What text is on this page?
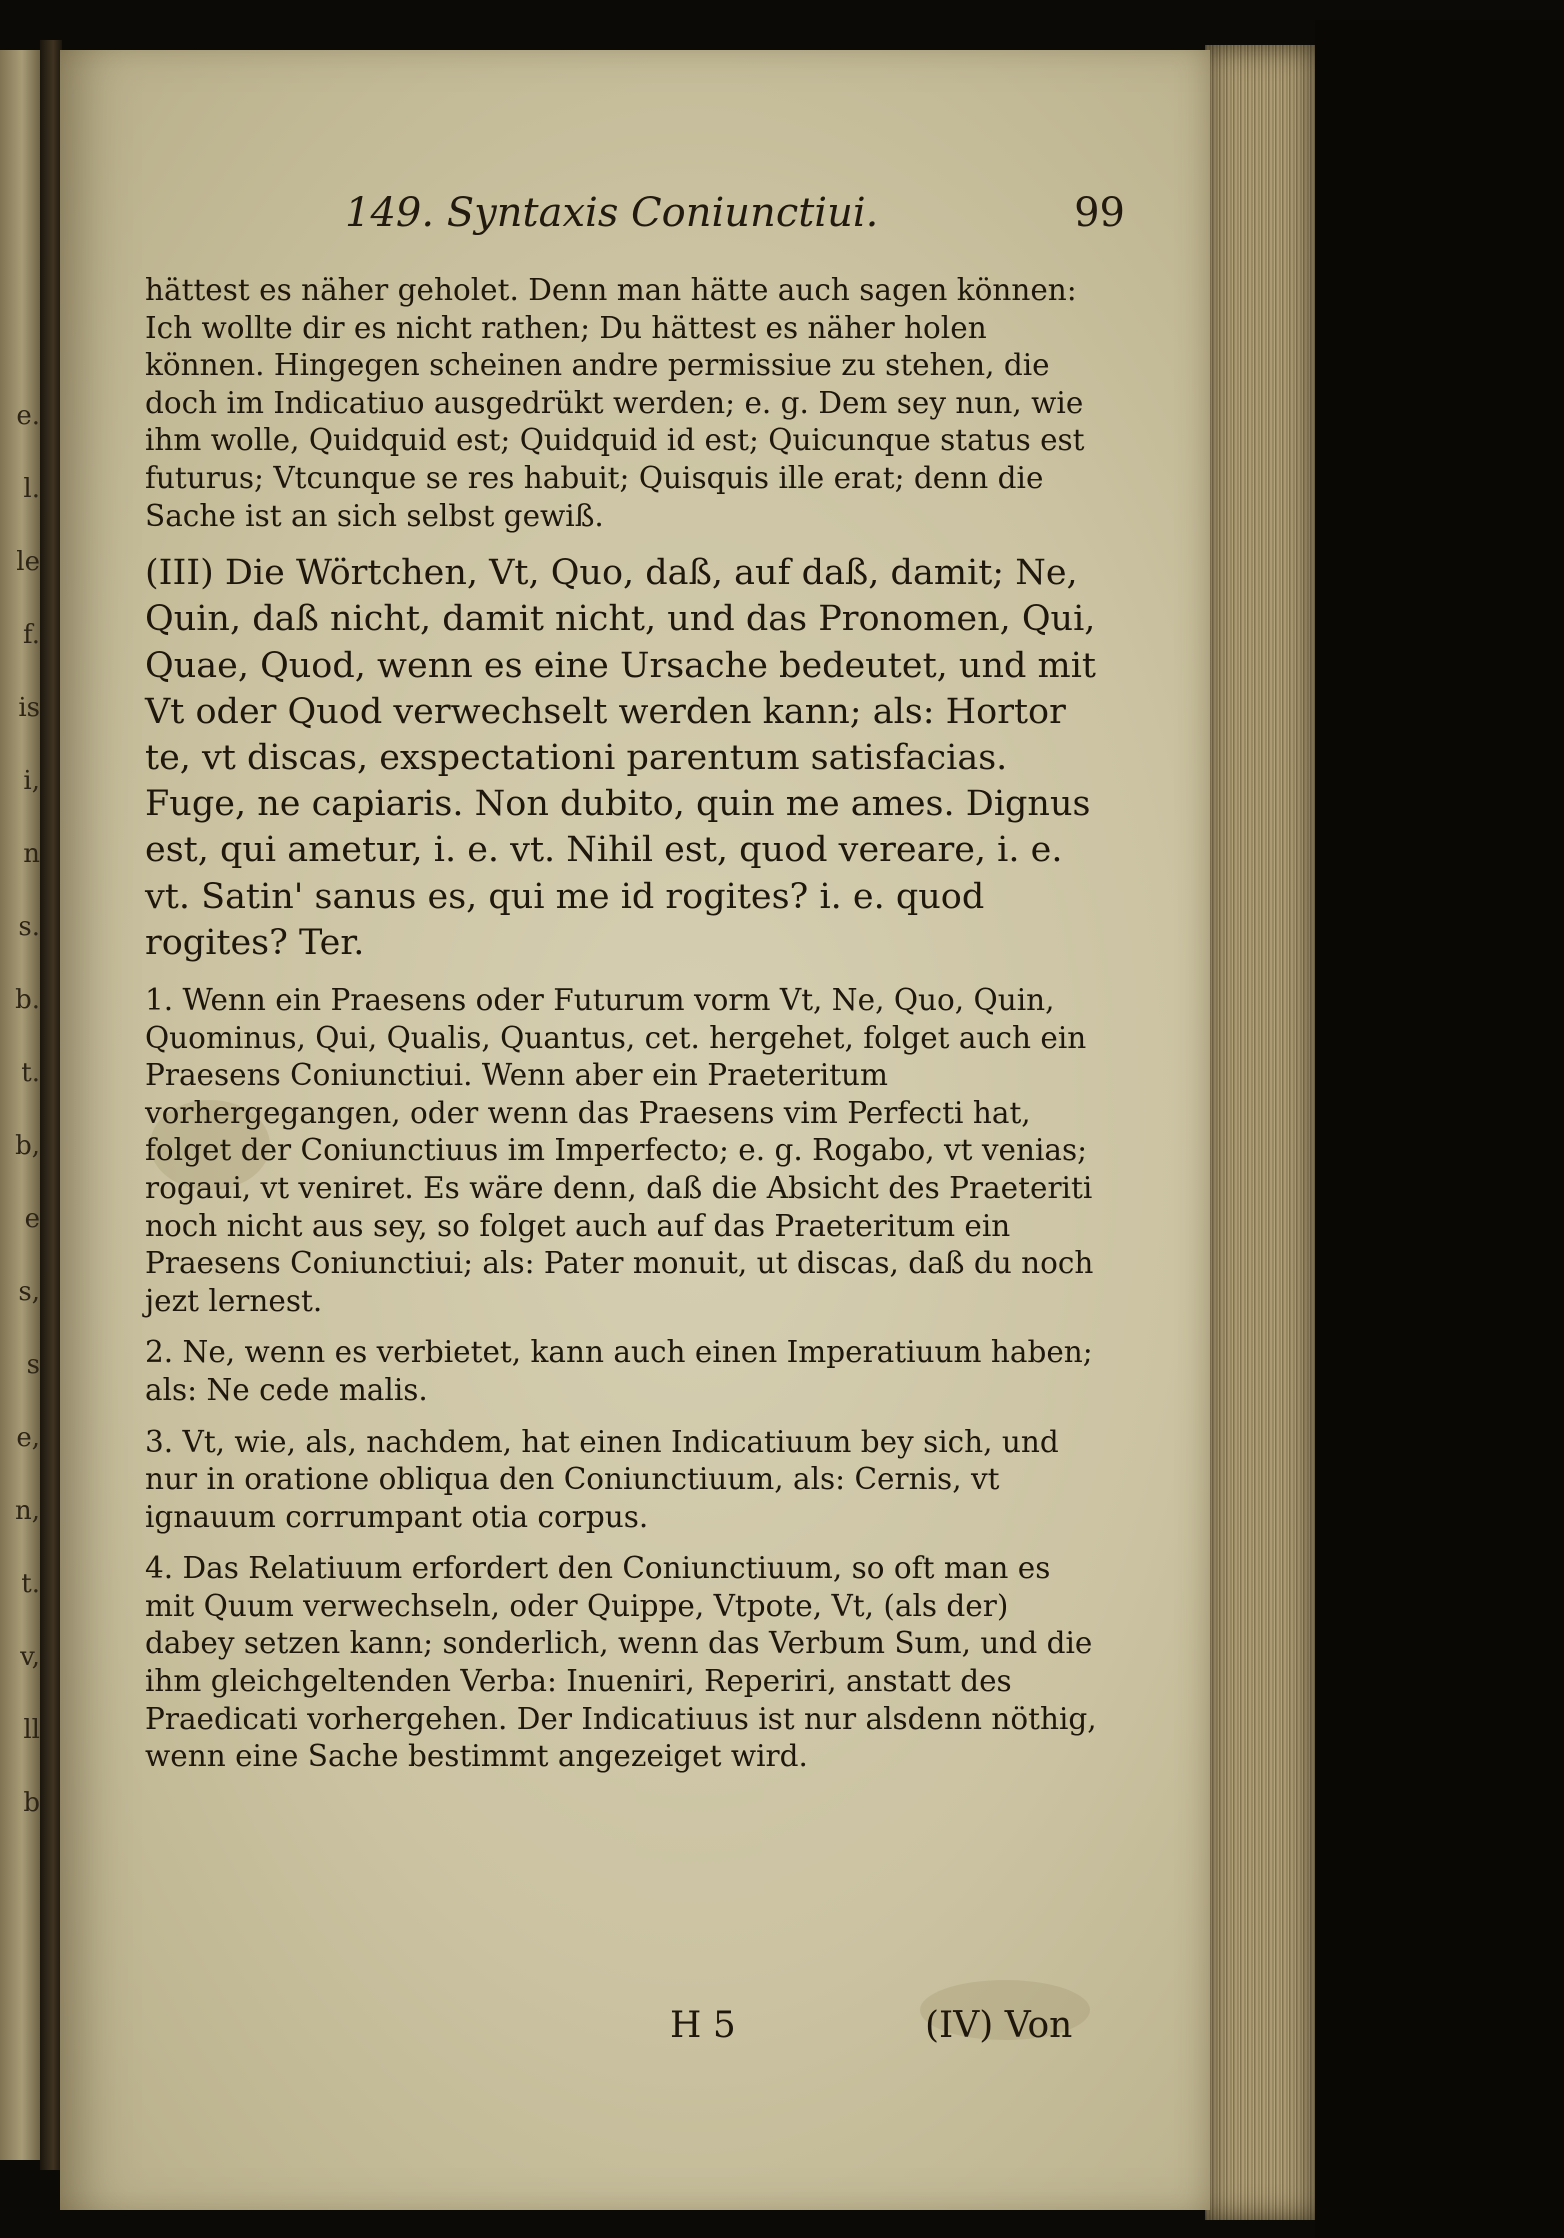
e. l. le f. is i, n s. b. t. b, e s, s e, n, t. v, ll b
149. Syntaxis Coniunctiui.	99

hättest es näher geholet. Denn man hätte auch sagen können: Ich wollte dir es nicht rathen; Du hättest es näher holen können. Hingegen scheinen andre permissiue zu stehen, die doch im Indicatiuo ausgedrükt werden; e. g. Dem sey nun, wie ihm wolle, Quidquid est; Quidquid id est; Quicunque status est futurus; Vtcunque se res habuit; Quisquis ille erat; denn die Sache ist an sich selbst gewiß.

(III) Die Wörtchen, Vt, Quo, daß, auf daß, damit; Ne, Quin, daß nicht, damit nicht, und das Pronomen, Qui, Quae, Quod, wenn es eine Ursache bedeutet, und mit Vt oder Quod verwechselt werden kann; als: Hortor te, vt discas, exspectationi parentum satisfacias. Fuge, ne capiaris. Non dubito, quin me ames. Dignus est, qui ametur, i. e. vt. Nihil est, quod vereare, i. e. vt. Satin' sanus es, qui me id rogites? i. e. quod rogites? Ter.

1. Wenn ein Praesens oder Futurum vorm Vt, Ne, Quo, Quin, Quominus, Qui, Qualis, Quantus, cet. hergehet, folget auch ein Praesens Coniunctiui. Wenn aber ein Praeteritum vorhergegangen, oder wenn das Praesens vim Perfecti hat, folget der Coniunctiuus im Imperfecto; e. g. Rogabo, vt venias; rogaui, vt veniret. Es wäre denn, daß die Absicht des Praeteriti noch nicht aus sey, so folget auch auf das Praeteritum ein Praesens Coniunctiui; als: Pater monuit, ut discas, daß du noch jezt lernest.

2. Ne, wenn es verbietet, kann auch einen Imperatiuum haben; als: Ne cede malis.

3. Vt, wie, als, nachdem, hat einen Indicatiuum bey sich, und nur in oratione obliqua den Coniunctiuum, als: Cernis, vt ignauum corrumpant otia corpus.

4. Das Relatiuum erfordert den Coniunctiuum, so oft man es mit Quum verwechseln, oder Quippe, Vtpote, Vt, (als der) dabey setzen kann; sonderlich, wenn das Verbum Sum, und die ihm gleichgeltenden Verba: Inueniri, Reperiri, anstatt des Praedicati vorhergehen. Der Indicatiuus ist nur alsdenn nöthig, wenn eine Sache bestimmt angezeiget wird.

H 5	(IV) Von
